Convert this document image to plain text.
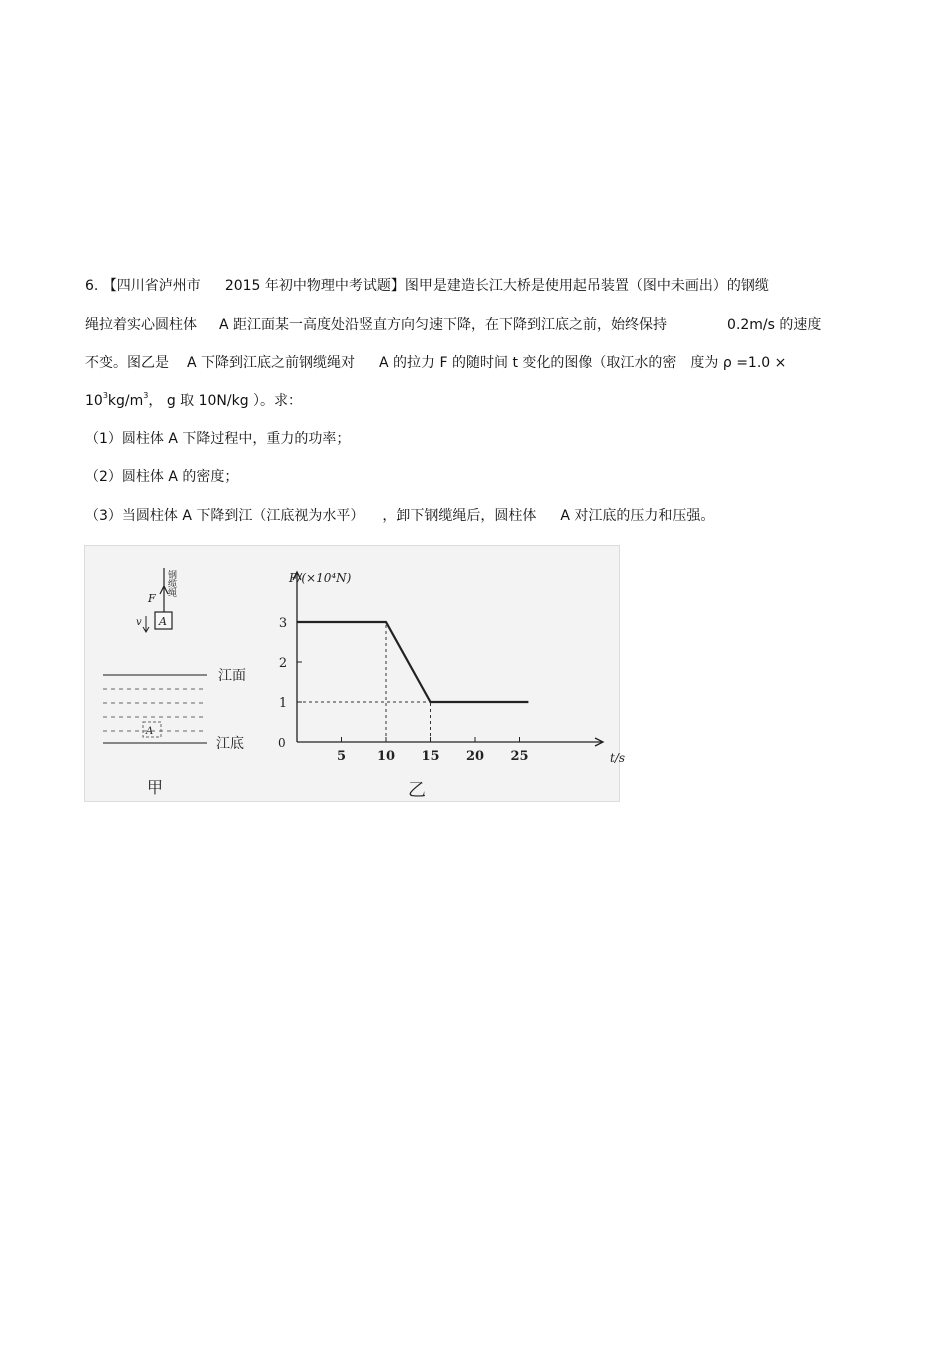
6. 【四川省泸州市 2015 年初中物理中考试题】图甲是建造长江大桥是使用起吊装置（图中未画出）的钢缆
绳拉着实心圆柱体 A 距江面某一高度处沿竖直方向匀速下降，在下降到江底之前，始终保持	0.2m/s 的速度
不变。图乙是 A 下降到江底之前钢缆绳对 A 的拉力 F 的随时间 t 变化的图像（取江水的密 度为 ρ =1.0 ×
$10^3kg/m^3$， g 取 10N/kg ）。求：
（1）圆柱体 A 下降过程中，重力的功率；
（2）圆柱体 A 的密度；
（3）当圆柱体 A 下降到江（江底视为水平） ，卸下钢缆绳后，圆柱体 A 对江底的压力和压强。
钢缆绳
F
A
v
A
江面
江底
甲
F/(×10⁴N)
t/s
0
5 10 15 20 25
1
2
3
乙
